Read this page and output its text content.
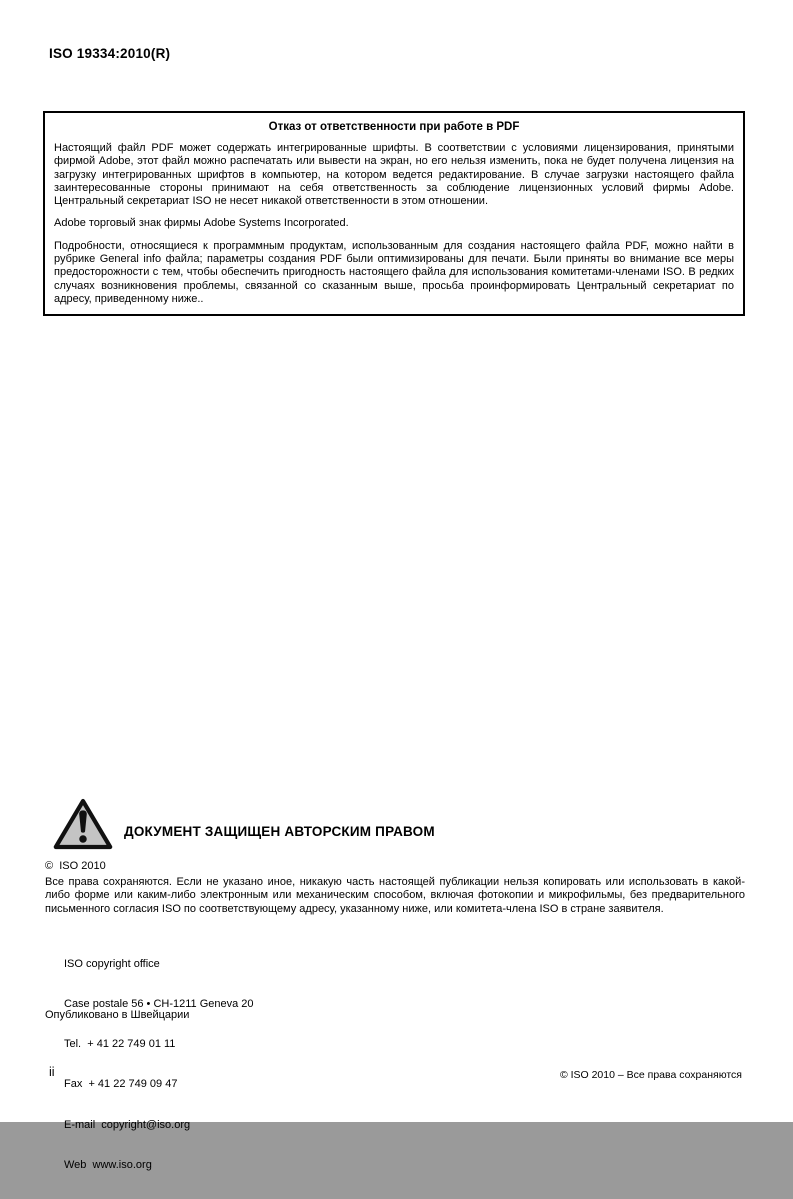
ISO 19334:2010(R)
Отказ от ответственности при работе в PDF

Настоящий файл PDF может содержать интегрированные шрифты. В соответствии с условиями лицензирования, принятыми фирмой Adobe, этот файл можно распечатать или вывести на экран, но его нельзя изменить, пока не будет получена лицензия на загрузку интегрированных шрифтов в компьютер, на котором ведется редактирование. В случае загрузки настоящего файла заинтересованные стороны принимают на себя ответственность за соблюдение лицензионных условий фирмы Adobe. Центральный секретариат ISO не несет никакой ответственности в этом отношении.

Adobe торговый знак фирмы Adobe Systems Incorporated.

Подробности, относящиеся к программным продуктам, использованным для создания настоящего файла PDF, можно найти в рубрике General info файла; параметры создания PDF были оптимизированы для печати. Были приняты во внимание все меры предосторожности с тем, чтобы обеспечить пригодность настоящего файла для использования комитетами-членами ISO. В редких случаях возникновения проблемы, связанной со сказанным выше, просьба проинформировать Центральный секретариат по адресу, приведенному ниже..

ДОКУМЕНТ ЗАЩИЩЕН АВТОРСКИМ ПРАВОМ
©  ISO 2010
Все права сохраняются. Если не указано иное, никакую часть настоящей публикации нельзя копировать или использовать в какой-либо форме или каким-либо электронным или механическим способом, включая фотокопии и микрофильмы, без предварительного письменного согласия ISO по соответствующему адресу, указанному ниже, или комитета-члена ISO в стране заявителя.

ISO copyright office

Case postale 56 • CH-1211 Geneva 20

Tel.  + 41 22 749 01 11

Fax  + 41 22 749 09 47

E-mail  copyright@iso.org

Web  www.iso.org

Опубликовано в Швейцарии
ii	© ISO 2010 – Все права сохраняются
